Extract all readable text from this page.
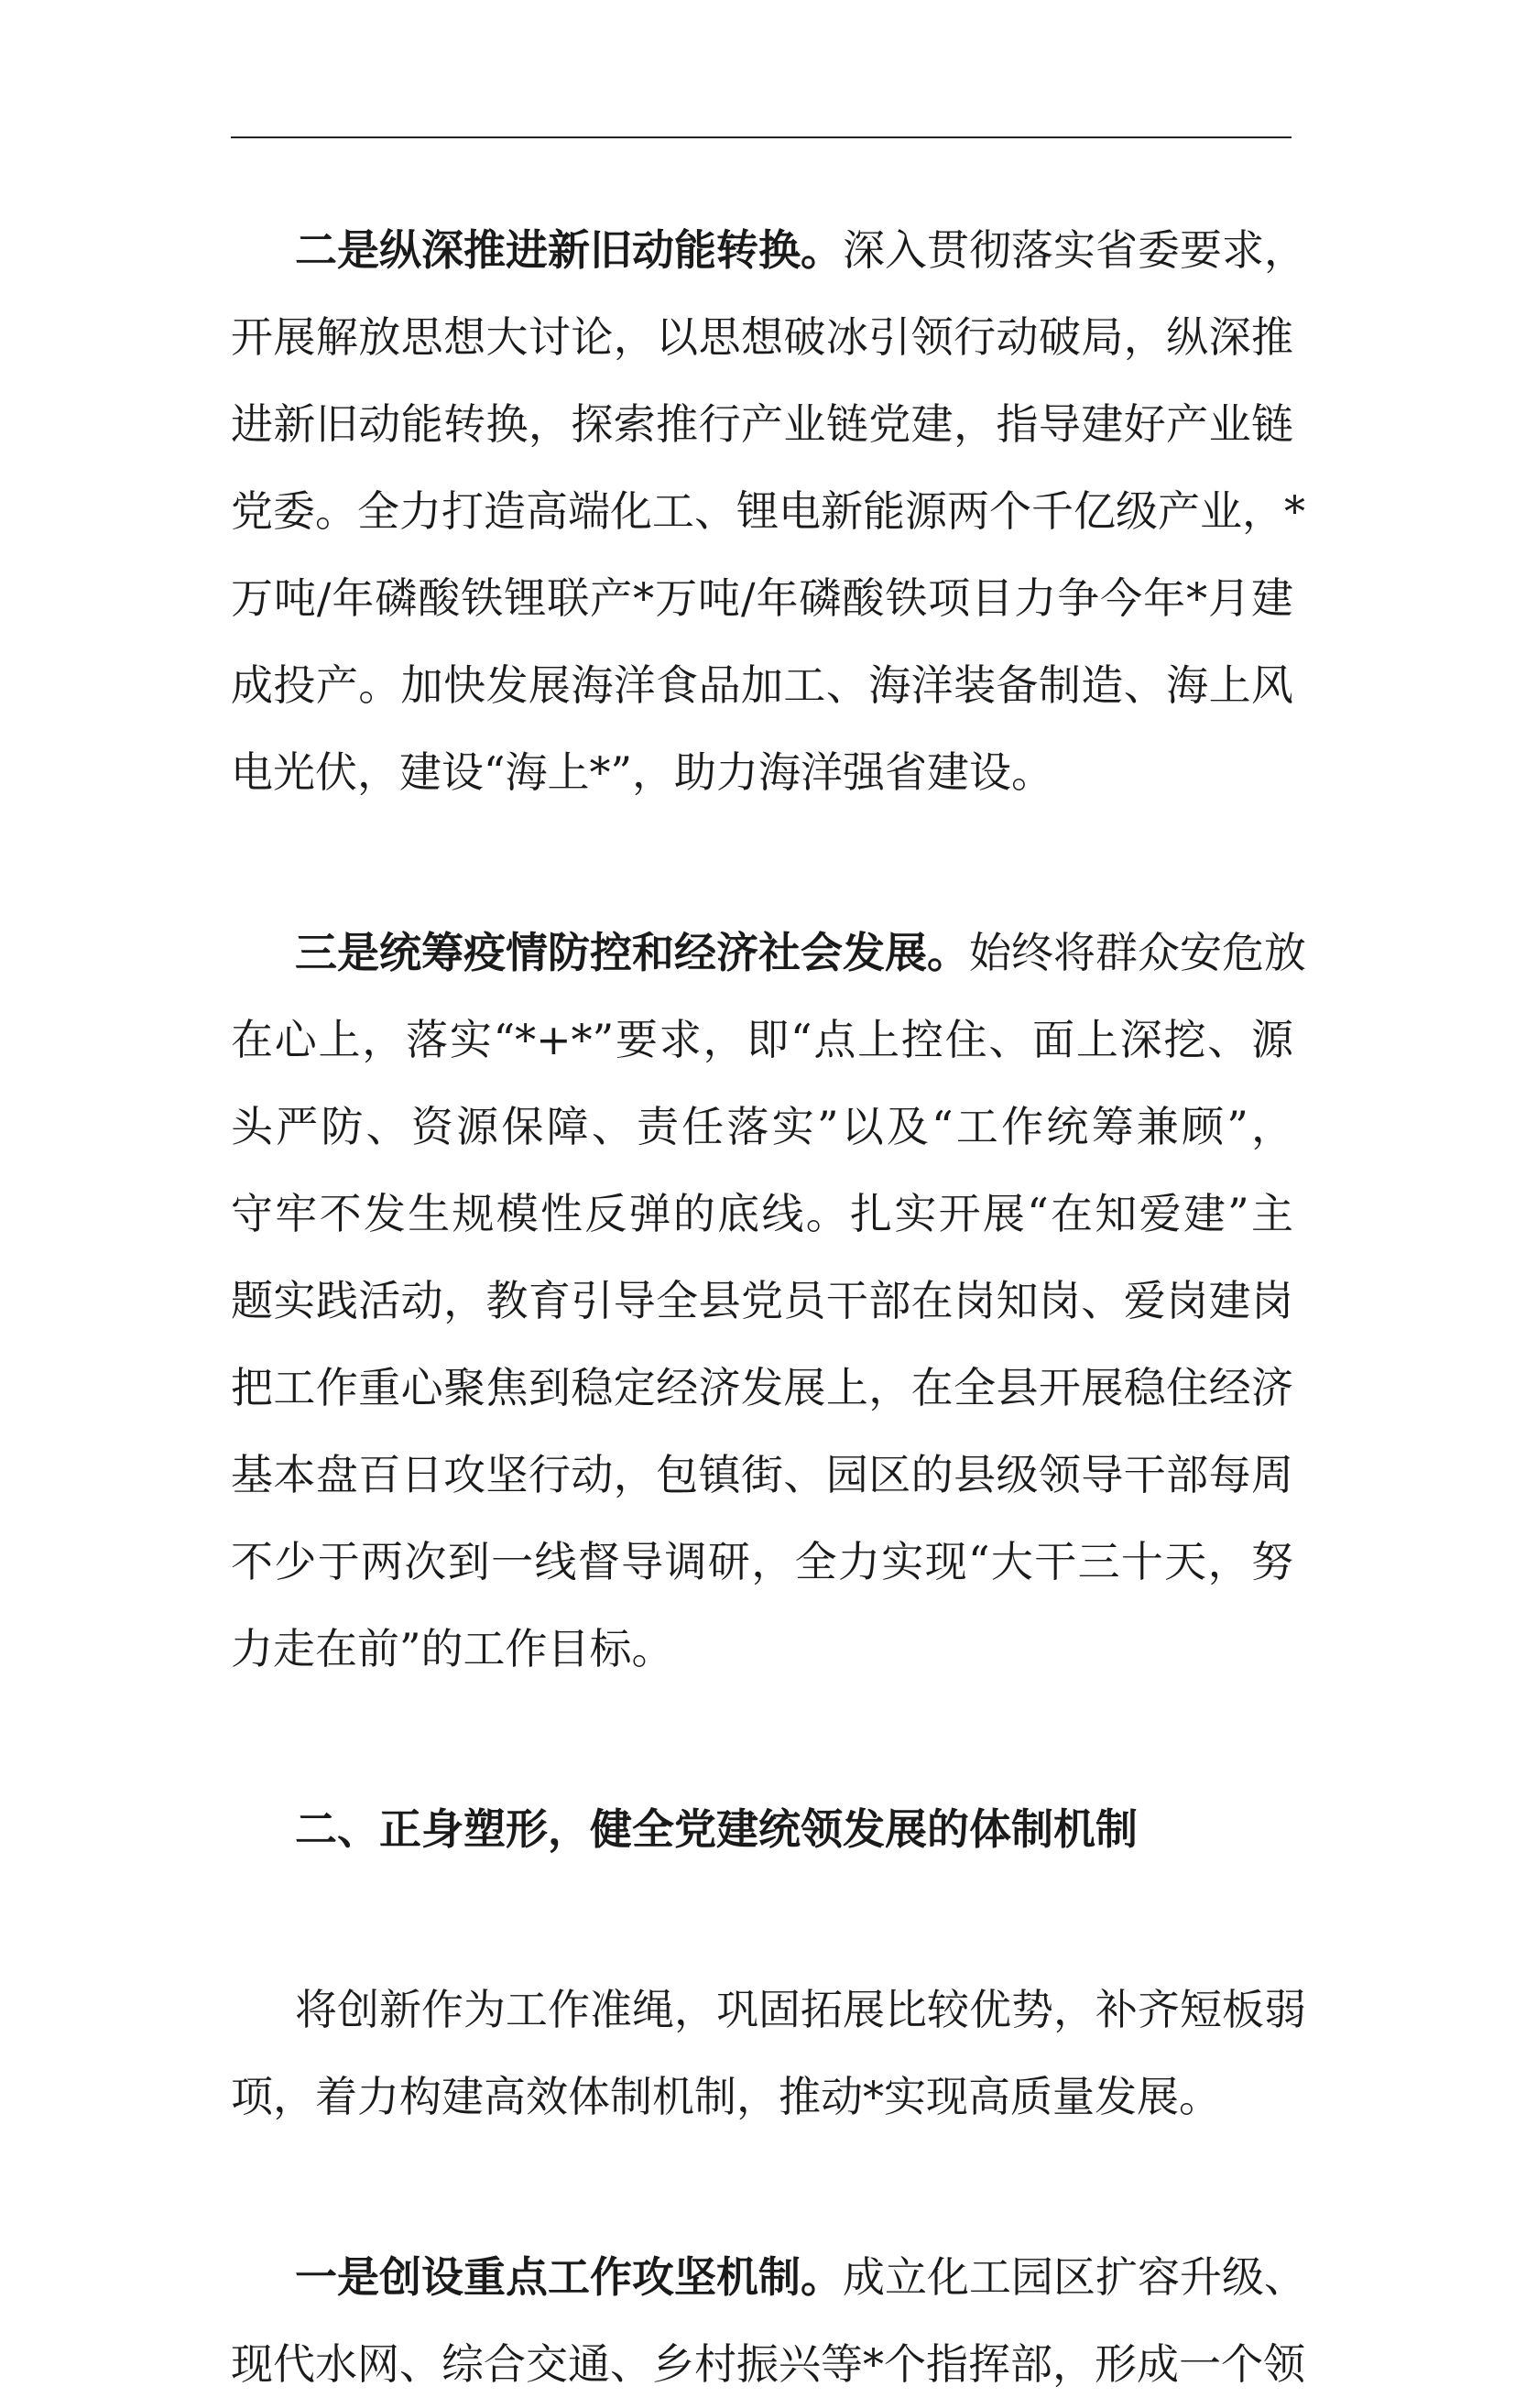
二是纵深推进新旧动能转换。深入贯彻落实省委要求，
开展解放思想大讨论，以思想破冰引领行动破局，纵深推
进新旧动能转换，探索推行产业链党建，指导建好产业链
党委。全力打造高端化工、锂电新能源两个千亿级产业，*
万吨/年磷酸铁锂联产*万吨/年磷酸铁项目力争今年*月建
成投产。加快发展海洋食品加工、海洋装备制造、海上风
电光伏，建设“海上*”，助力海洋强省建设。
三是统筹疫情防控和经济社会发展。始终将群众安危放
在心上，落实“*+*”要求，即“点上控住、面上深挖、源
头严防、资源保障、责任落实”以及“工作统筹兼顾”，
守牢不发生规模性反弹的底线。扎实开展“在知爱建”主
题实践活动，教育引导全县党员干部在岗知岗、爱岗建岗
把工作重心聚焦到稳定经济发展上，在全县开展稳住经济
基本盘百日攻坚行动，包镇街、园区的县级领导干部每周
不少于两次到一线督导调研，全力实现“大干三十天，努
力走在前”的工作目标。
二、正身塑形，健全党建统领发展的体制机制
将创新作为工作准绳，巩固拓展比较优势，补齐短板弱
项，着力构建高效体制机制，推动*实现高质量发展。
一是创设重点工作攻坚机制。成立化工园区扩容升级、
现代水网、综合交通、乡村振兴等*个指挥部，形成一个领
